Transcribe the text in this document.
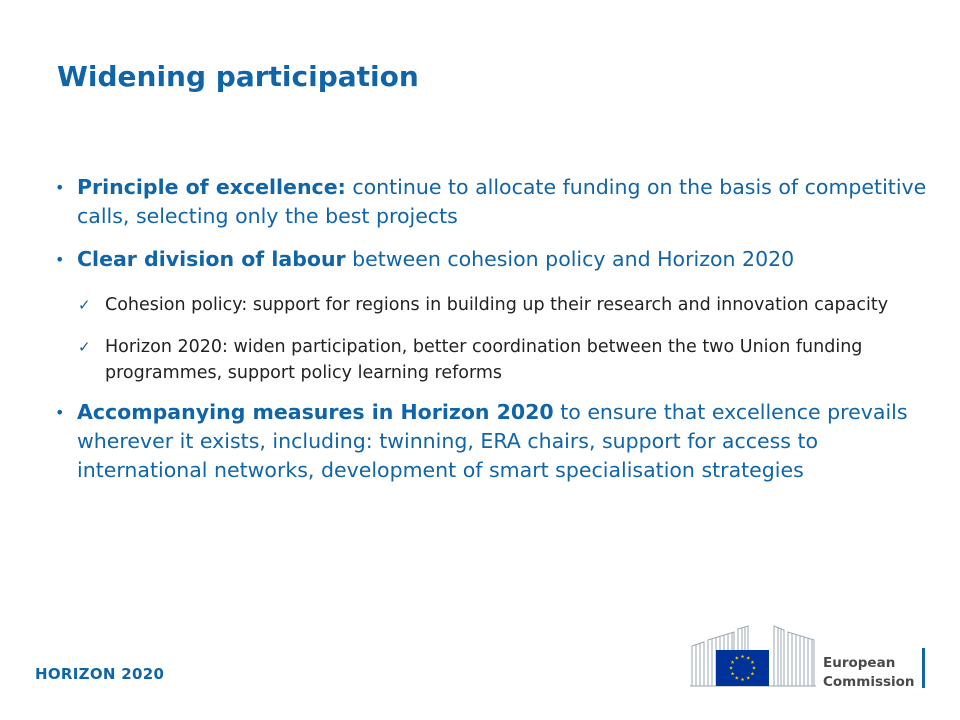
Widening participation
• Principle of excellence: continue to allocate funding on the basis of competitive calls, selecting only the best projects
• Clear division of labour between cohesion policy and Horizon 2020
✓ Cohesion policy: support for regions in building up their research and innovation capacity
✓ Horizon 2020: widen participation, better coordination between the two Union funding programmes, support policy learning reforms
• Accompanying measures in Horizon 2020 to ensure that excellence prevails wherever it exists, including: twinning, ERA chairs, support for access to international networks, development of smart specialisation strategies
HORIZON 2020
European
Commission
